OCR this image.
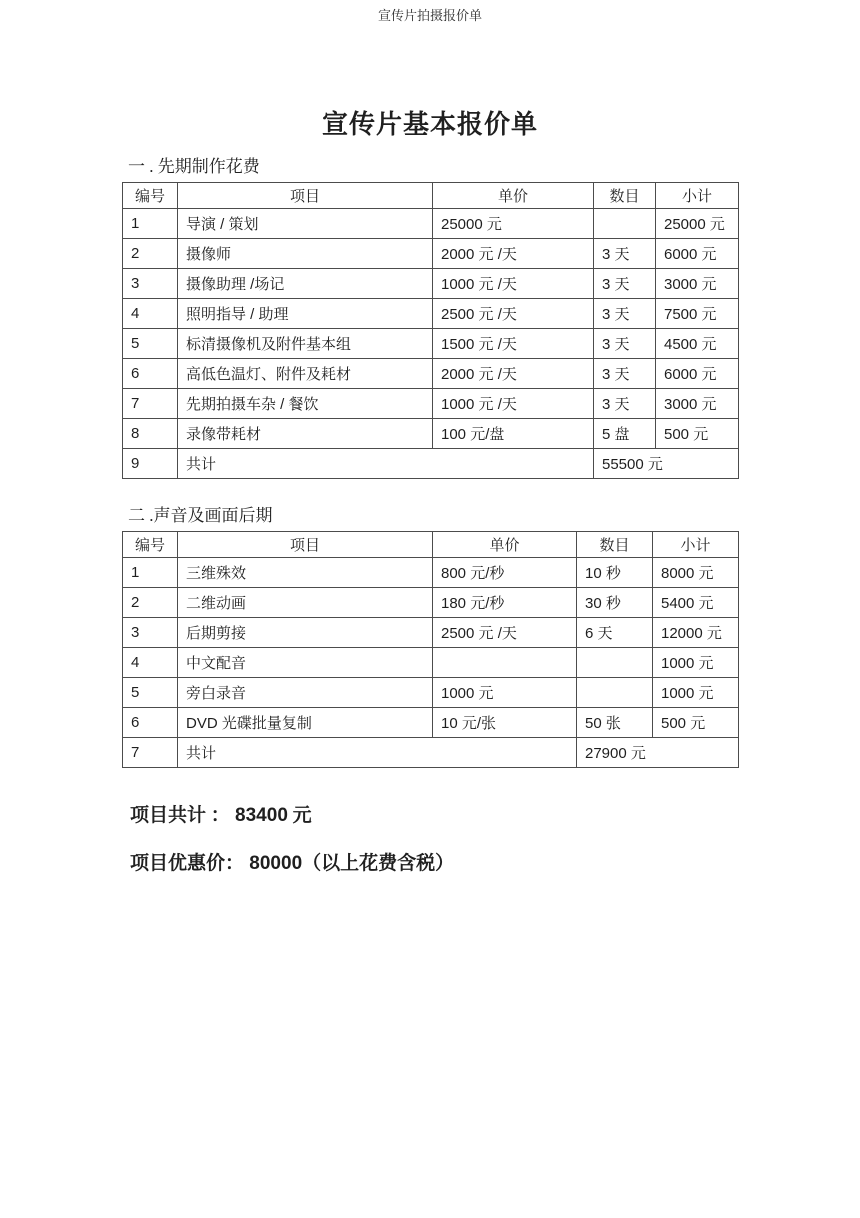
宣传片拍摄报价单
宣传片基本报价单
一 . 先期制作花费
编号	项目	单价	数目	小计
1	导演 / 策划	25000 元		25000 元
2	摄像师	2000 元 /天	3 天	6000 元
3	摄像助理 /场记	1000 元 /天	3 天	3000 元
4	照明指导 / 助理	2500 元 /天	3 天	7500 元
5	标清摄像机及附件基本组	1500 元 /天	3 天	4500 元
6	高低色温灯、附件及耗材	2000 元 /天	3 天	6000 元
7	先期拍摄车杂 / 餐饮	1000 元 /天	3 天	3000 元
8	录像带耗材	100 元/盘	5 盘	500 元
9	共计		55500 元	
二 .声音及画面后期
编号	项目	单价	数目	小计
1	三维殊效	800 元/秒	10 秒	8000 元
2	二维动画	180 元/秒	30 秒	5400 元
3	后期剪接	2500 元 /天	6 天	12000 元
4	中文配音			1000 元
5	旁白录音	1000 元		1000 元
6	DVD 光碟批量复制	10 元/张	50 张	500 元
7	共计		27900 元	
项目共计 ： 83400 元
项目优惠价： 80000（以上花费含税）
